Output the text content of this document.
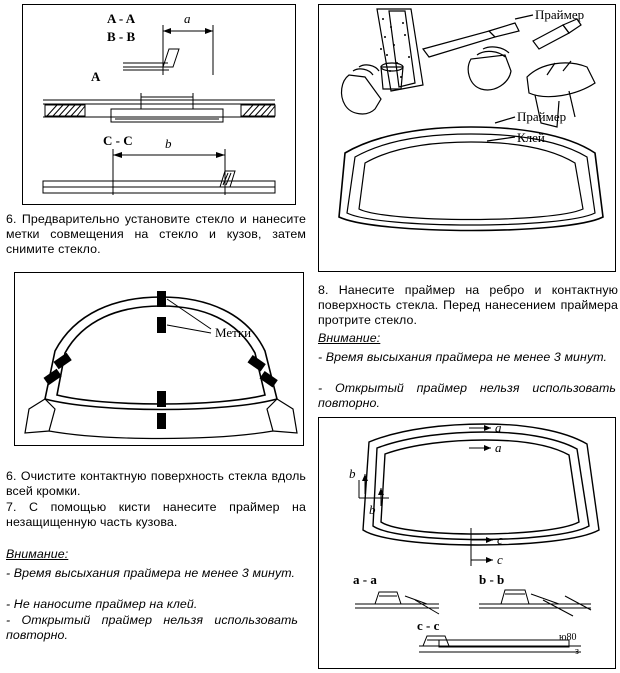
A - A
B - B
a
A
C - C b

6. Предварительно установите стекло и нанесите метки совмещения на стекло и кузов, затем снимите стекло.

Метки

6. Очистите контактную поверхность стекла вдоль всей кромки.

7. С помощью кисти нанесите праймер на незащищенную часть кузова.

Внимание:
- Время высыхания праймера не менее 3 минут.
- Не наносите праймер на клей.
- Открытый праймер нельзя использовать повторно.
Праймер
Праймер
Клей

8. Нанесите праймер на ребро и контактную поверхность стекла. Перед нанесением праймера протрите стекло.

Внимание:
- Время высыхания праймера не менее 3 минут.
- Открытый праймер нельзя использовать повторно.
a
a
b
b
c
c
a - a	b - b
c - c
ю80
з
